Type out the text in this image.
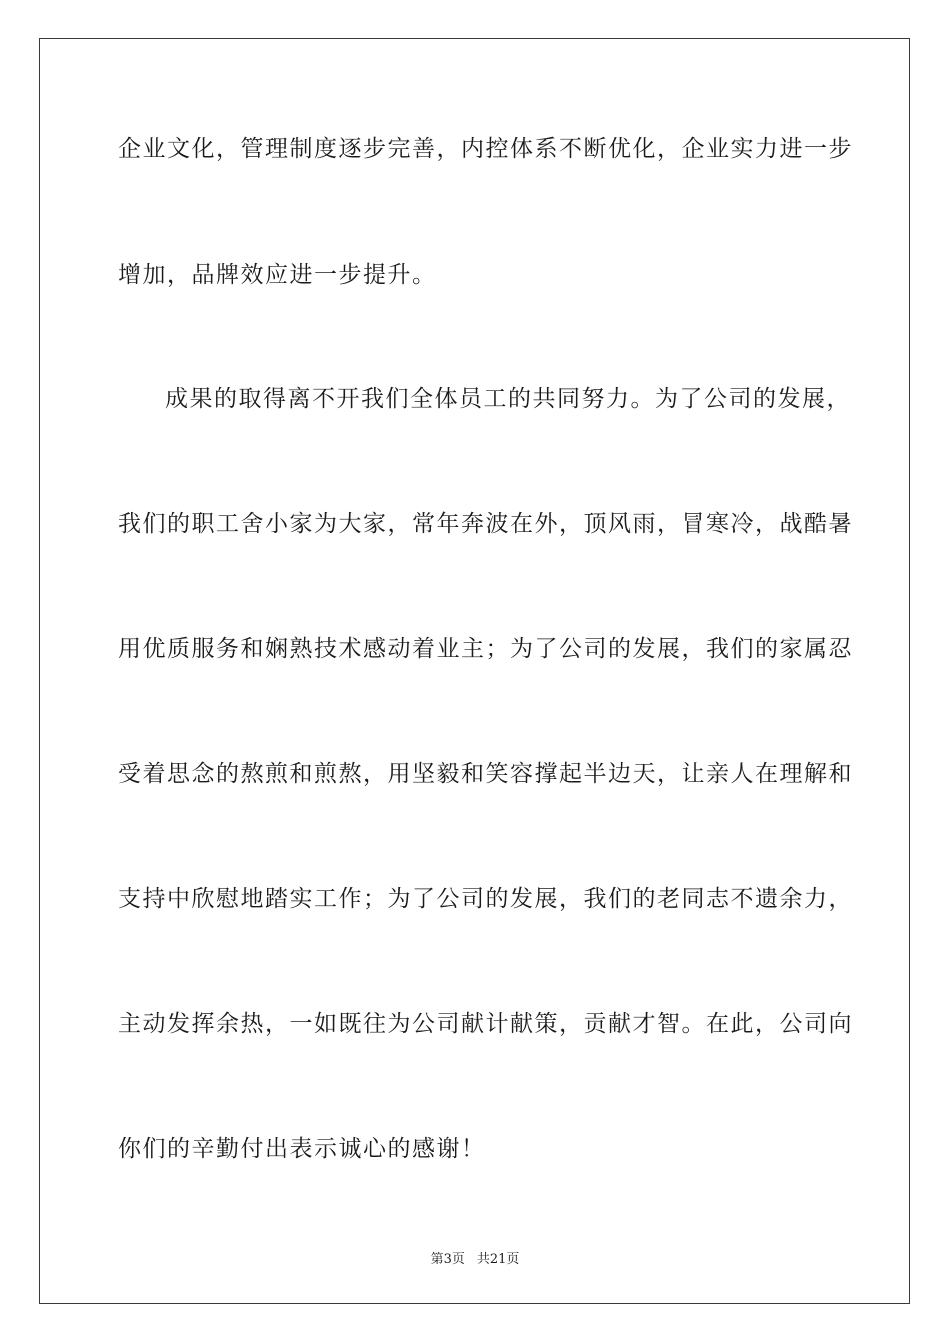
企业文化，管理制度逐步完善，内控体系不断优化，企业实力进一步
增加，品牌效应进一步提升。
成果的取得离不开我们全体员工的共同努力。为了公司的发展，
我们的职工舍小家为大家，常年奔波在外，顶风雨，冒寒冷，战酷暑
用优质服务和娴熟技术感动着业主；为了公司的发展，我们的家属忍
受着思念的熬煎和煎熬，用坚毅和笑容撑起半边天，让亲人在理解和
支持中欣慰地踏实工作；为了公司的发展，我们的老同志不遗余力，
主动发挥余热，一如既往为公司献计献策，贡献才智。在此，公司向
你们的辛勤付出表示诚心的感谢！
第3页 共21页
